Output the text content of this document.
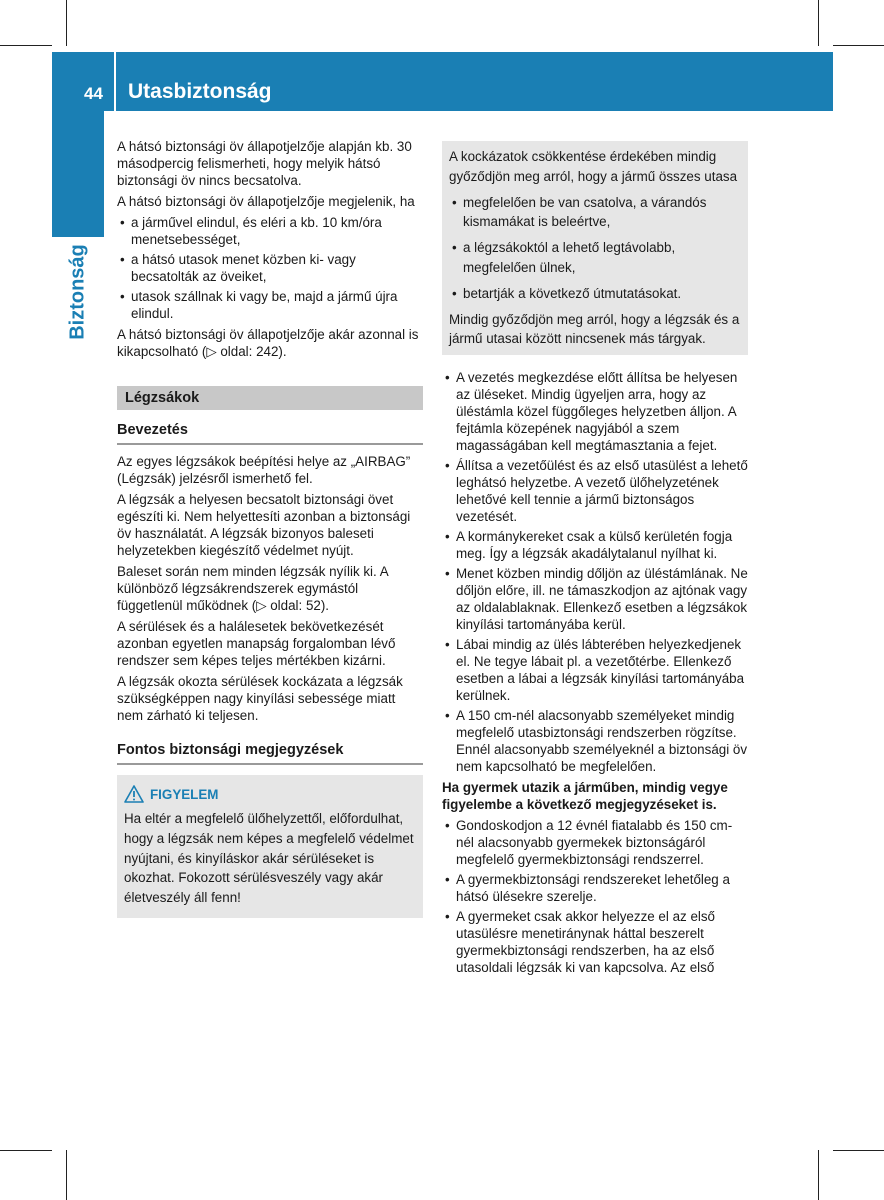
44 Utasbiztonság
Biztonság

A hátsó biztonsági öv állapotjelzője alapján kb. 30 másodpercig felismerheti, hogy melyik hátsó biztonsági öv nincs becsatolva.

A hátsó biztonsági öv állapotjelzője megjelenik, ha

• a járművel elindul, és eléri a kb. 10 km/óra menetsebességet,
• a hátsó utasok menet közben ki- vagy becsatolták az öveiket,
• utasok szállnak ki vagy be, majd a jármű újra elindul.

A hátsó biztonsági öv állapotjelzője akár azonnal is kikapcsolható (▷ oldal: 242).

Légzsákok
Bevezetés

Az egyes légzsákok beépítési helye az „AIRBAG” (Légzsák) jelzésről ismerhető fel.

A légzsák a helyesen becsatolt biztonsági övet egészíti ki. Nem helyettesíti azonban a biztonsági öv használatát. A légzsák bizonyos baleseti helyzetekben kiegészítő védelmet nyújt.

Baleset során nem minden légzsák nyílik ki. A különböző légzsákrendszerek egymástól függetlenül működnek (▷ oldal: 52).

A sérülések és a halálesetek bekövetkezését azonban egyetlen manapság forgalomban lévő rendszer sem képes teljes mértékben kizárni.

A légzsák okozta sérülések kockázata a légzsák szükségképpen nagy kinyílási sebessége miatt nem zárható ki teljesen.

Fontos biztonsági megjegyzések
FIGYELEM

Ha eltér a megfelelő ülőhelyzettől, előfordulhat, hogy a légzsák nem képes a megfelelő védelmet nyújtani, és kinyíláskor akár sérüléseket is okozhat. Fokozott sérülésveszély vagy akár életveszély áll fenn!

A kockázatok csökkentése érdekében mindig győződjön meg arról, hogy a jármű összes utasa

• megfelelően be van csatolva, a várandós kismamákat is beleértve,
• a légzsákoktól a lehető legtávolabb, megfelelően ülnek,
• betartják a következő útmutatásokat.

Mindig győződjön meg arról, hogy a légzsák és a jármű utasai között nincsenek más tárgyak.

• A vezetés megkezdése előtt állítsa be helyesen az üléseket. Mindig ügyeljen arra, hogy az üléstámla közel függőleges helyzetben álljon. A fejtámla közepének nagyjából a szem magasságában kell megtámasztania a fejet.
• Állítsa a vezetőülést és az első utasülést a lehető leghátsó helyzetbe. A vezető ülőhelyzetének lehetővé kell tennie a jármű biztonságos vezetését.
• A kormánykereket csak a külső kerületén fogja meg. Így a légzsák akadálytalanul nyílhat ki.
• Menet közben mindig dőljön az üléstámlának. Ne dőljön előre, ill. ne támaszkodjon az ajtónak vagy az oldalablaknak. Ellenkező esetben a légzsákok kinyílási tartományába kerül.
• Lábai mindig az ülés lábterében helyezkedjenek el. Ne tegye lábait pl. a vezetőtérbe. Ellenkező esetben a lábai a légzsák kinyílási tartományába kerülnek.
• A 150 cm-nél alacsonyabb személyeket mindig megfelelő utasbiztonsági rendszerben rögzítse. Ennél alacsonyabb személyeknél a biztonsági öv nem kapcsolható be megfelelően.

Ha gyermek utazik a járműben, mindig vegye figyelembe a következő megjegyzéseket is.

• Gondoskodjon a 12 évnél fiatalabb és 150 cm-nél alacsonyabb gyermekek biztonságáról megfelelő gyermekbiztonsági rendszerrel.
• A gyermekbiztonsági rendszereket lehetőleg a hátsó ülésekre szerelje.
• A gyermeket csak akkor helyezze el az első utasülésre menetiránynak háttal beszerelt gyermekbiztonsági rendszerben, ha az első utasoldali légzsák ki van kapcsolva. Az első
